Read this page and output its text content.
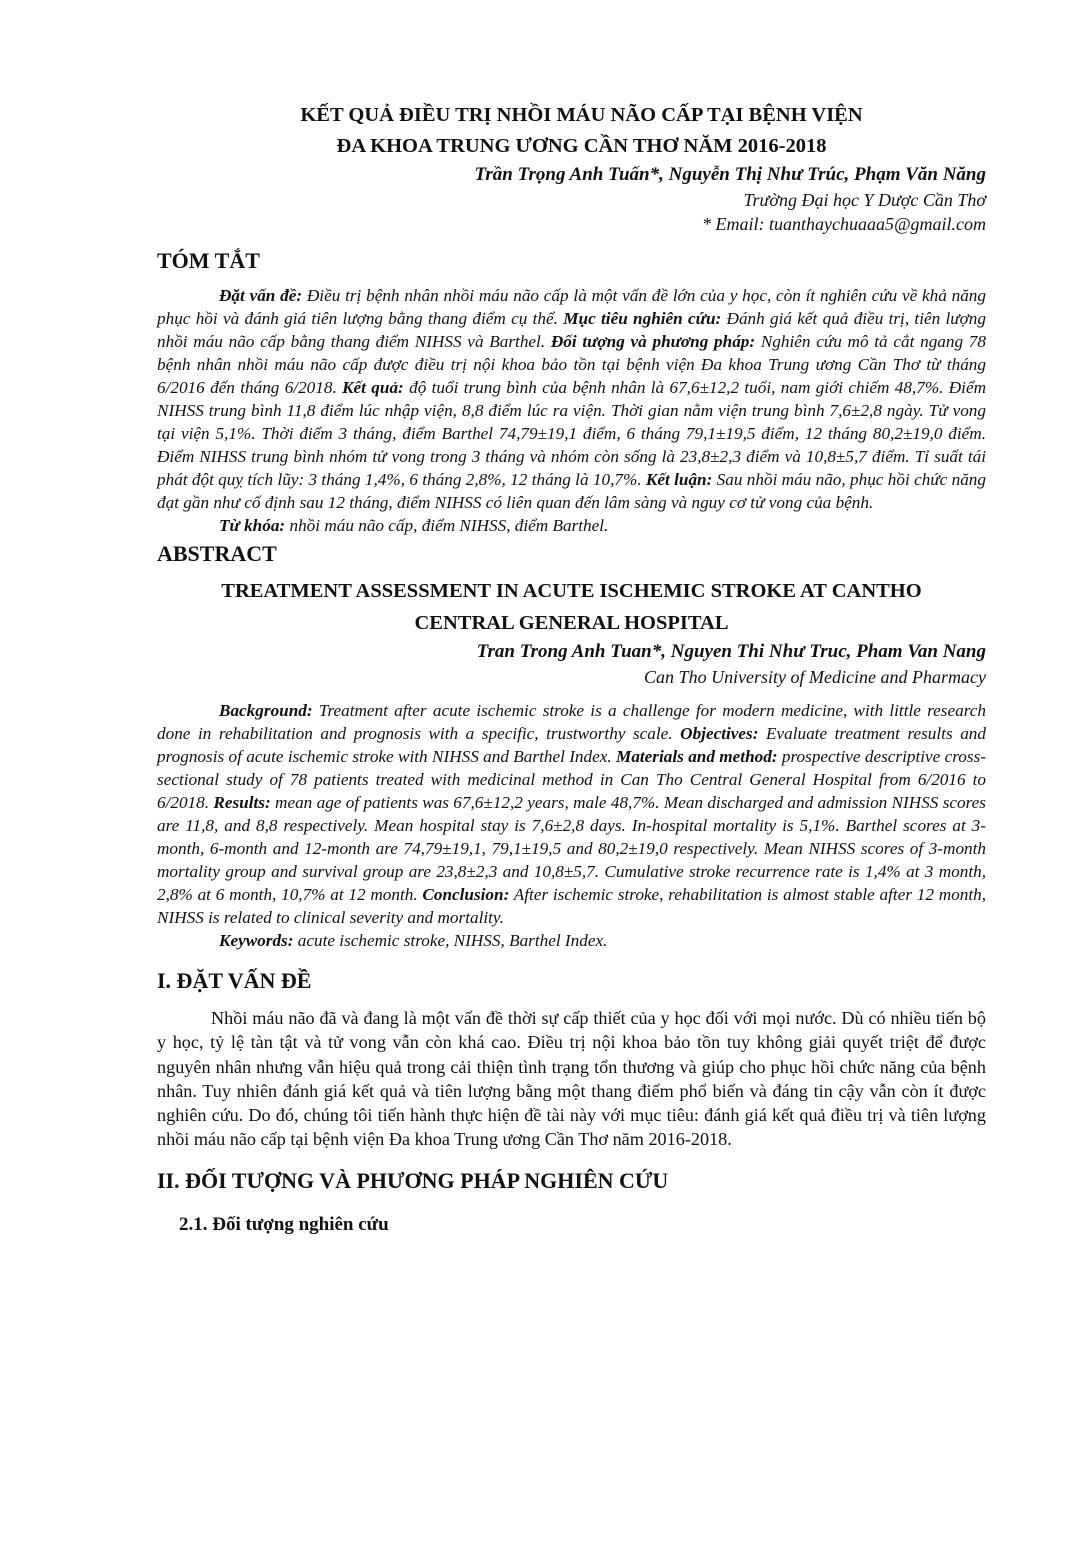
KẾT QUẢ ĐIỀU TRỊ NHỒI MÁU NÃO CẤP TẠI BỆNH VIỆN
ĐA KHOA TRUNG ƯƠNG CẦN THƠ NĂM 2016-2018
Trần Trọng Anh Tuấn*, Nguyễn Thị Như Trúc, Phạm Văn Năng
Trường Đại học Y Dược Cần Thơ
* Email: tuanthaychuaaa5@gmail.com
TÓM TẮT

Đặt vấn đề: Điều trị bệnh nhân nhồi máu não cấp là một vấn đề lớn của y học, còn ít nghiên cứu về khả năng phục hồi và đánh giá tiên lượng bằng thang điểm cụ thể. Mục tiêu nghiên cứu: Đánh giá kết quả điều trị, tiên lượng nhồi máu não cấp bằng thang điểm NIHSS và Barthel. Đối tượng và phương pháp: Nghiên cứu mô tả cắt ngang 78 bệnh nhân nhồi máu não cấp được điều trị nội khoa bảo tồn tại bệnh viện Đa khoa Trung ương Cần Thơ từ tháng 6/2016 đến tháng 6/2018. Kết quả: độ tuổi trung bình của bệnh nhân là 67,6±12,2 tuổi, nam giới chiếm 48,7%. Điểm NIHSS trung bình 11,8 điểm lúc nhập viện, 8,8 điểm lúc ra viện. Thời gian nằm viện trung bình 7,6±2,8 ngày. Tử vong tại viện 5,1%. Thời điểm 3 tháng, điểm Barthel 74,79±19,1 điểm, 6 tháng 79,1±19,5 điểm, 12 tháng 80,2±19,0 điểm. Điểm NIHSS trung bình nhóm tử vong trong 3 tháng và nhóm còn sống là 23,8±2,3 điểm và 10,8±5,7 điểm. Tỉ suất tái phát đột quỵ tích lũy: 3 tháng 1,4%, 6 tháng 2,8%, 12 tháng là 10,7%. Kết luận: Sau nhồi máu não, phục hồi chức năng đạt gần như cố định sau 12 tháng, điểm NIHSS có liên quan đến lâm sàng và nguy cơ tử vong của bệnh.

Từ khóa: nhồi máu não cấp, điểm NIHSS, điểm Barthel.

ABSTRACT
TREATMENT ASSESSMENT IN ACUTE ISCHEMIC STROKE AT CANTHO
CENTRAL GENERAL HOSPITAL
Tran Trong Anh Tuan*, Nguyen Thi Như Truc, Pham Van Nang
Can Tho University of Medicine and Pharmacy

Background: Treatment after acute ischemic stroke is a challenge for modern medicine, with little research done in rehabilitation and prognosis with a specific, trustworthy scale. Objectives: Evaluate treatment results and prognosis of acute ischemic stroke with NIHSS and Barthel Index. Materials and method: prospective descriptive cross-sectional study of 78 patients treated with medicinal method in Can Tho Central General Hospital from 6/2016 to 6/2018. Results: mean age of patients was 67,6±12,2 years, male 48,7%. Mean discharged and admission NIHSS scores are 11,8, and 8,8 respectively. Mean hospital stay is 7,6±2,8 days. In-hospital mortality is 5,1%. Barthel scores at 3-month, 6-month and 12-month are 74,79±19,1, 79,1±19,5 and 80,2±19,0 respectively. Mean NIHSS scores of 3-month mortality group and survival group are 23,8±2,3 and 10,8±5,7. Cumulative stroke recurrence rate is 1,4% at 3 month, 2,8% at 6 month, 10,7% at 12 month. Conclusion: After ischemic stroke, rehabilitation is almost stable after 12 month, NIHSS is related to clinical severity and mortality.

Keywords: acute ischemic stroke, NIHSS, Barthel Index.

I. ĐẶT VẤN ĐỀ

Nhồi máu não đã và đang là một vấn đề thời sự cấp thiết của y học đối với mọi nước. Dù có nhiều tiến bộ y học, tỷ lệ tàn tật và tử vong vẫn còn khá cao. Điều trị nội khoa bảo tồn tuy không giải quyết triệt để được nguyên nhân nhưng vẫn hiệu quả trong cải thiện tình trạng tổn thương và giúp cho phục hồi chức năng của bệnh nhân. Tuy nhiên đánh giá kết quả và tiên lượng bằng một thang điểm phổ biến và đáng tin cậy vẫn còn ít được nghiên cứu. Do đó, chúng tôi tiến hành thực hiện đề tài này với mục tiêu: đánh giá kết quả điều trị và tiên lượng nhồi máu não cấp tại bệnh viện Đa khoa Trung ương Cần Thơ năm 2016-2018.

II. ĐỐI TƯỢNG VÀ PHƯƠNG PHÁP NGHIÊN CỨU
2.1. Đối tượng nghiên cứu
